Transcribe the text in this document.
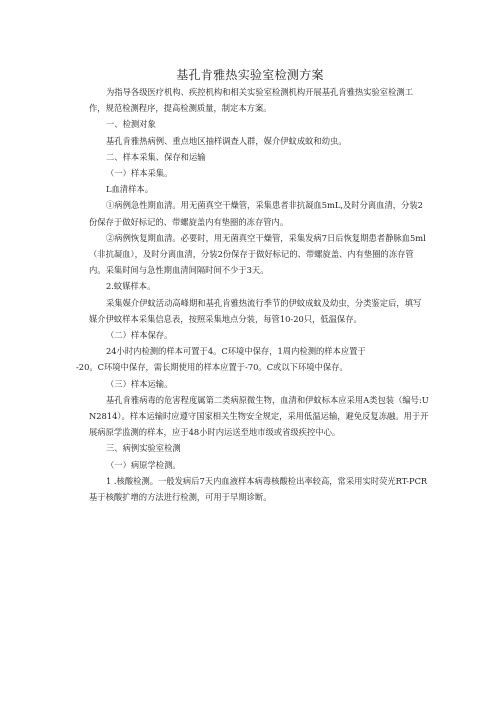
基孔肯雅热实验室检测方案

为指导各级医疗机构、疾控机构和相关实验室检测机构开展基孔肯雅热实验室检测工作，规范检测程序，提高检测质量，制定本方案。

一、检测对象

基孔肯雅热病例、重点地区抽样调查人群，媒介伊蚊成蚊和幼虫。

二、样本采集、保存和运输

（一）样本采集。

L血清样本。

①病例急性期血清。用无菌真空干燥管，采集患者非抗凝血5mL,及时分离血清，分装2份保存于做好标记的、带螺旋盖内有垫圈的冻存管内。

②病例恢复期血清。必要时，用无菌真空干燥管，采集发病7日后恢复期患者静脉血5ml（非抗凝血），及时分离血清，分装2份保存于做好标记的、带螺旋盖、内有垫圈的冻存管内。采集时间与急性期血清间隔时间不少于3天。

2.蚊媒样本。

采集媒介伊蚊活动高峰期和基孔肯雅热流行季节的伊蚊成蚊及幼虫，分类鉴定后，填写媒介伊蚊样本采集信息表，按照采集地点分装，每管10-20只，低温保存。

（二）样本保存。

24小时内检测的样本可置于4。C环境中保存，1周内检测的样本应置于

-20。C环境中保存，需长期使用的样本应置于-70。C或以下环境中保存。

（三）样本运输。

基孔肯雅病毒的危害程度属第二类病原微生物，血清和伊蚊标本应采用A类包装（编号:UN2814）。样本运输时应遵守国家相关生物安全规定，采用低温运输，避免反复冻融。用于开展病原学监测的样本，应于48小时内运送至地市级或省级疾控中心。

三、病例实验室检测

（一）病原学检测。

1 .核酸检测。一般发病后7天内血液样本病毒核酸检出率较高，常采用实时荧光RT-PCR基于核酸扩增的方法进行检测，可用于早期诊断。
